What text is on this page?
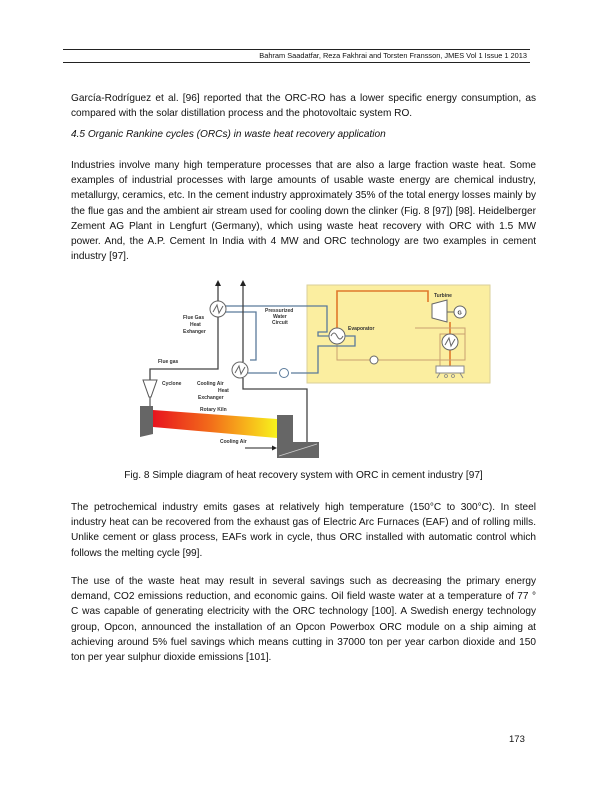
Bahram Saadatfar, Reza Fakhrai and Torsten Fransson, JMES Vol 1 Issue 1 2013

García-Rodríguez et al. [96] reported that the ORC-RO has a lower specific energy consumption, as compared with the solar distillation process and the photovoltaic system RO.

4.5 Organic Rankine cycles (ORCs) in waste heat recovery application

Industries involve many high temperature processes that are also a large fraction waste heat. Some examples of industrial processes with large amounts of usable waste energy are chemical industry, metallurgy, ceramics, etc. In the cement industry approximately 35% of the total energy losses mainly by the flue gas and the ambient air stream used for cooling down the clinker (Fig. 8 [97]) [98]. Heidelberger Zement AG Plant in Lengfurt (Germany), which using waste heat recovery with ORC with 1.5 MW power. And, the A.P. Cement In India with 4 MW and ORC technology are two examples in cement industry [97].

G
Turbine
Evaporator
Flue Gas
Heat
Exhanger
Pressurized
Water
Circuit
Flue gas
Cyclone	Cooling Air
Heat
Exchanger
Rotary Kiln
Cooling Air

Fig. 8 Simple diagram of heat recovery system with ORC in cement industry [97]

The petrochemical industry emits gases at relatively high temperature (150°C to 300°C). In steel industry heat can be recovered from the exhaust gas of Electric Arc Furnaces (EAF) and of rolling mills. Unlike cement or glass process, EAFs work in cycle, thus ORC installed with automatic control which follows the melting cycle [99].

The use of the waste heat may result in several savings such as decreasing the primary energy demand, CO2 emissions reduction, and economic gains. Oil field waste water at a temperature of 77 ° C was capable of generating electricity with the ORC technology [100]. A Swedish energy technology group, Opcon, announced the installation of an Opcon Powerbox ORC module on a ship aiming at achieving around 5% fuel savings which means cutting in 37000 ton per year carbon dioxide and 150 ton per year sulphur dioxide emissions [101].

173
